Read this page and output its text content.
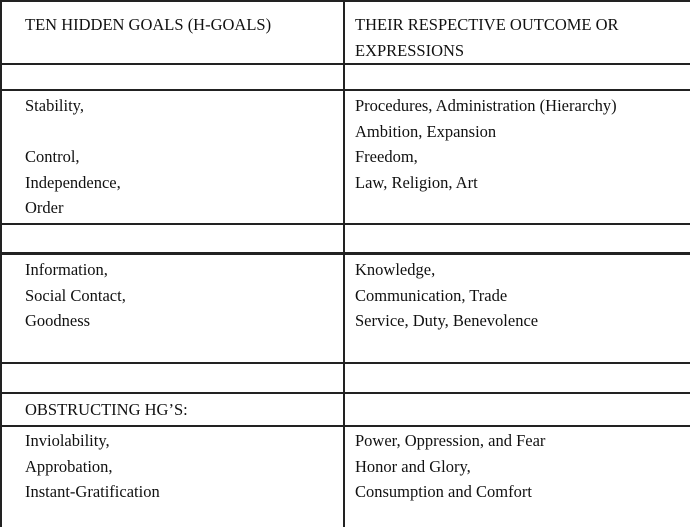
TEN HIDDEN GOALS (H-GOALS)	THEIR RESPECTIVE OUTCOME OR
EXPRESSIONS
Stability,
Control,
Independence,
Order
Procedures, Administration (Hierarchy)
Ambition, Expansion
Freedom,
Law, Religion, Art
Information,
Social Contact,
Goodness
Knowledge,
Communication, Trade
Service, Duty, Benevolence
OBSTRUCTING HG’S:
Inviolability,
Approbation,
Instant-Gratification
Power, Oppression, and Fear
Honor and Glory,
Consumption and Comfort
